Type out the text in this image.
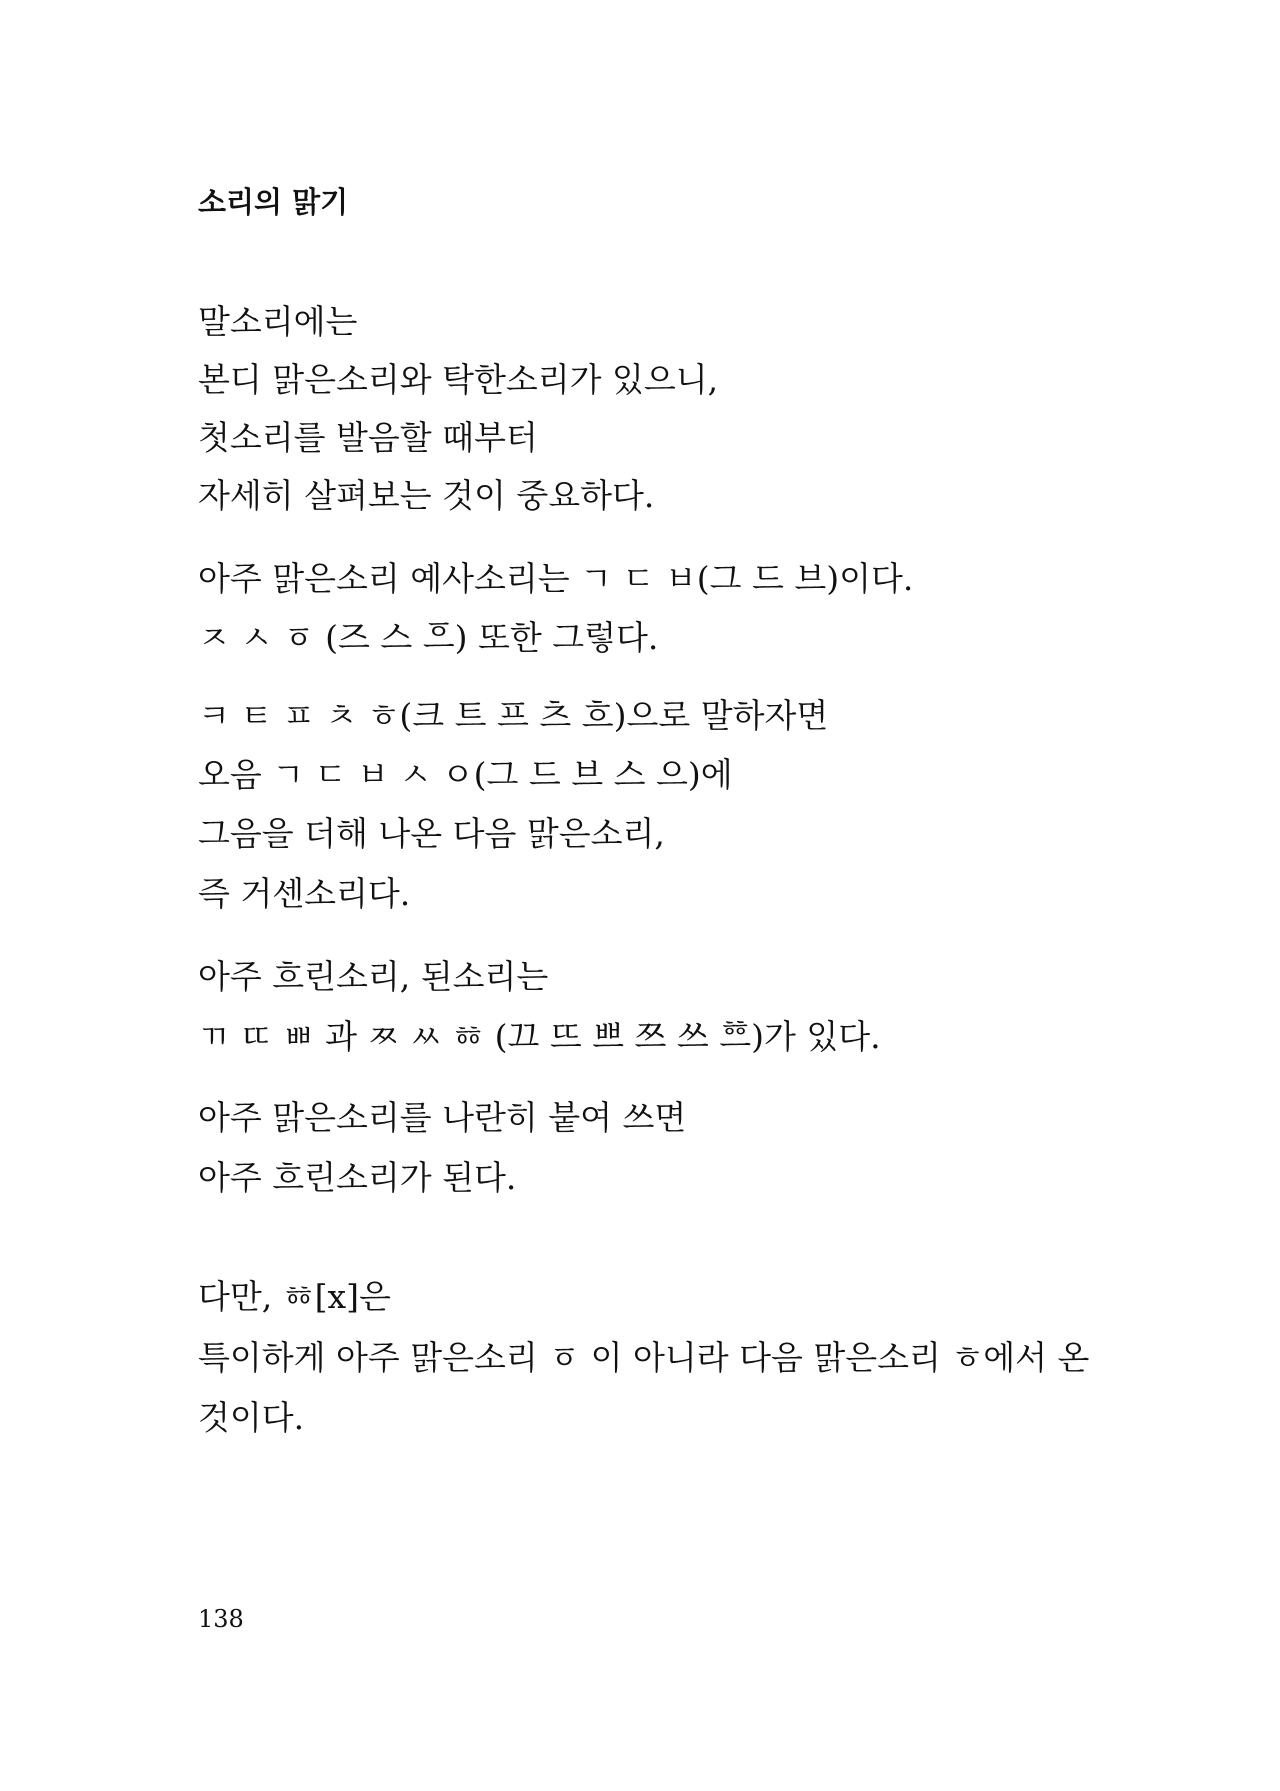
소리의 맑기
말소리에는
본디 맑은소리와 탁한소리가 있으니,
첫소리를 발음할 때부터
자세히 살펴보는 것이 중요하다.
아주 맑은소리 예사소리는 ㄱ ㄷ ㅂ(그 드 브)이다.
ㅈ ㅅ ㆆ (즈 스 ᅙᅳ) 또한 그렇다.
ㅋ ㅌ ㅍ ㅊ ㅎ(크 트 프 츠 흐)으로 말하자면
오음 ㄱ ㄷ ㅂ ㅅ ㅇ(그 드 브 스 으)에
그음을 더해 나온 다음 맑은소리,
즉 거센소리다.
아주 흐린소리, 된소리는
ㄲ ㄸ ㅃ 과 ㅉ ㅆ ㆅ (끄 뜨 쁘 쯔 쓰 ᅘᅳ)가 있다.
아주 맑은소리를 나란히 붙여 쓰면
아주 흐린소리가 된다.
다만, ㆅ[x]은
특이하게 아주 맑은소리 ㆆ 이 아니라 다음 맑은소리 ㅎ에서 온
것이다.
138
